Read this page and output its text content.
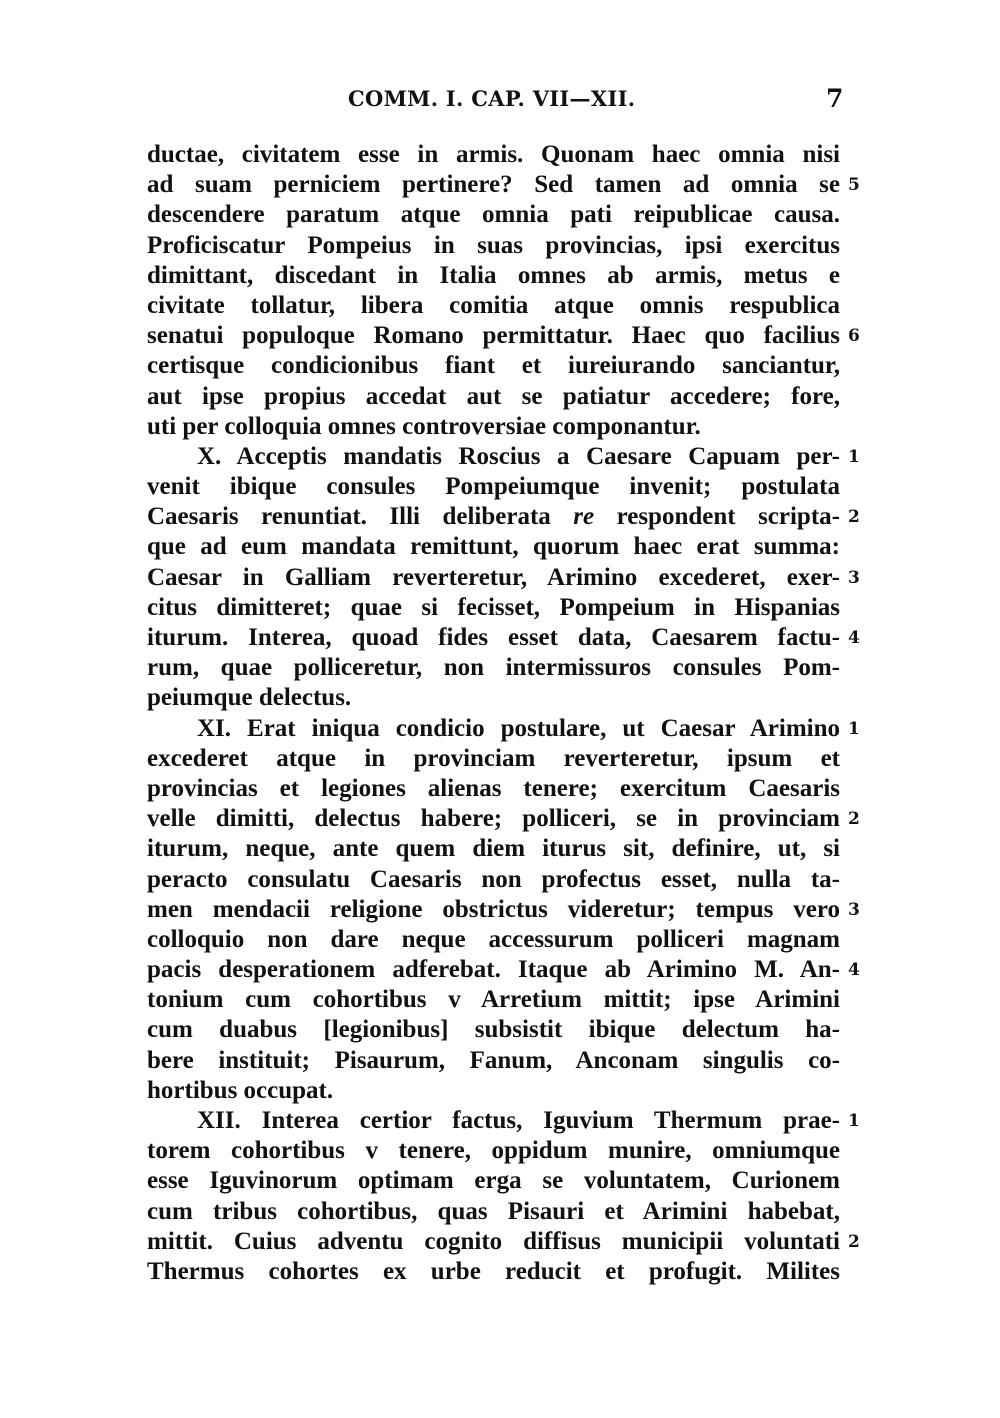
COMM. I. CAP. VII—XII.	7
ductae, civitatem esse in armis. Quonam haec omnia nisi
ad suam perniciem pertinere? Sed tamen ad omnia se 5
descendere paratum atque omnia pati reipublicae causa.
Proficiscatur Pompeius in suas provincias, ipsi exercitus
dimittant, discedant in Italia omnes ab armis, metus e
civitate tollatur, libera comitia atque omnis respublica
senatui populoque Romano permittatur. Haec quo facilius 6
certisque condicionibus fiant et iureiurando sanciantur,
aut ipse propius accedat aut se patiatur accedere; fore,
uti per colloquia omnes controversiae componantur.
X. Acceptis mandatis Roscius a Caesare Capuam per- 1
venit ibique consules Pompeiumque invenit; postulata
Caesaris renuntiat. Illi deliberata re respondent scripta- 2
que ad eum mandata remittunt, quorum haec erat summa:
Caesar in Galliam reverteretur, Arimino excederet, exer- 3
citus dimitteret; quae si fecisset, Pompeium in Hispanias
iturum. Interea, quoad fides esset data, Caesarem factu- 4
rum, quae polliceretur, non intermissuros consules Pom-
peiumque delectus.
XI. Erat iniqua condicio postulare, ut Caesar Arimino 1
excederet atque in provinciam reverteretur, ipsum et
provincias et legiones alienas tenere; exercitum Caesaris
velle dimitti, delectus habere; polliceri, se in provinciam 2
iturum, neque, ante quem diem iturus sit, definire, ut, si
peracto consulatu Caesaris non profectus esset, nulla ta-
men mendacii religione obstrictus videretur; tempus vero 3
colloquio non dare neque accessurum polliceri magnam
pacis desperationem adferebat. Itaque ab Arimino M. An- 4
tonium cum cohortibus v Arretium mittit; ipse Arimini
cum duabus [legionibus] subsistit ibique delectum ha-
bere instituit; Pisaurum, Fanum, Anconam singulis co-
hortibus occupat.
XII. Interea certior factus, Iguvium Thermum prae- 1
torem cohortibus v tenere, oppidum munire, omniumque
esse Iguvinorum optimam erga se voluntatem, Curionem
cum tribus cohortibus, quas Pisauri et Arimini habebat,
mittit. Cuius adventu cognito diffisus municipii voluntati 2
Thermus cohortes ex urbe reducit et profugit. Milites
